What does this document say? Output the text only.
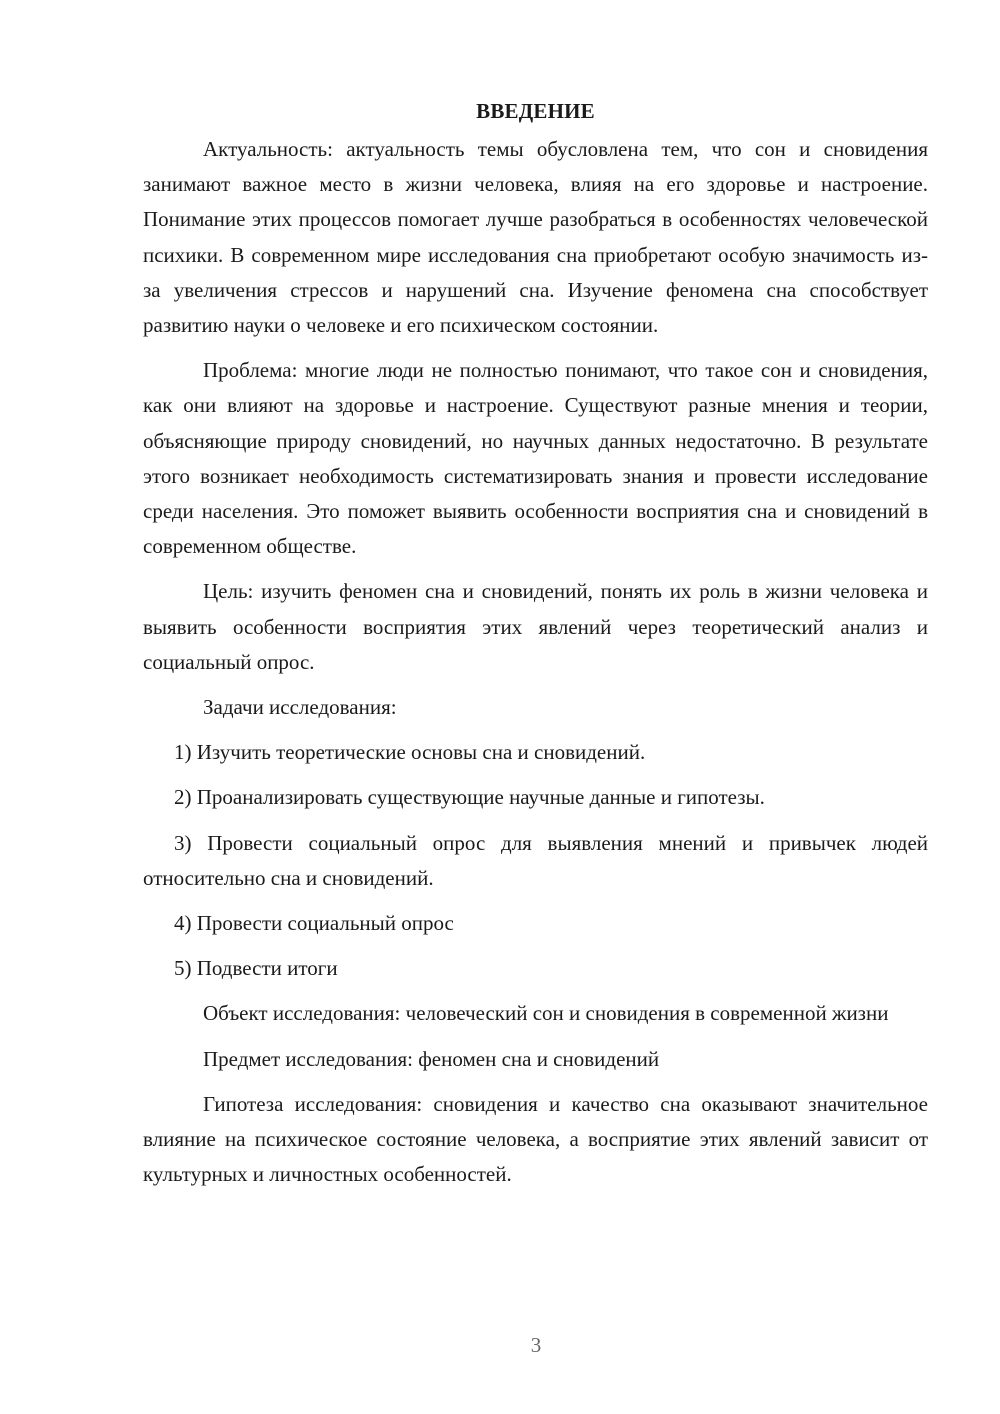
ВВЕДЕНИЕ

Актуальность: актуальность темы обусловлена тем, что сон и сновидения занимают важное место в жизни человека, влияя на его здоровье и настроение. Понимание этих процессов помогает лучше разобраться в особенностях человеческой психики. В современном мире исследования сна приобретают особую значимость из-за увеличения стрессов и нарушений сна. Изучение феномена сна способствует развитию науки о человеке и его психическом состоянии.

Проблема: многие люди не полностью понимают, что такое сон и сновидения, как они влияют на здоровье и настроение. Существуют разные мнения и теории, объясняющие природу сновидений, но научных данных недостаточно. В результате этого возникает необходимость систематизировать знания и провести исследование среди населения. Это поможет выявить особенности восприятия сна и сновидений в современном обществе.

Цель: изучить феномен сна и сновидений, понять их роль в жизни человека и выявить особенности восприятия этих явлений через теоретический анализ и социальный опрос.

Задачи исследования:

1) Изучить теоретические основы сна и сновидений.

2) Проанализировать существующие научные данные и гипотезы.

3) Провести социальный опрос для выявления мнений и привычек людей относительно сна и сновидений.

4) Провести социальный опрос

5) Подвести итоги

Объект исследования: человеческий сон и сновидения в современной жизни

Предмет исследования: феномен сна и сновидений

Гипотеза исследования: сновидения и качество сна оказывают значительное влияние на психическое состояние человека, а восприятие этих явлений зависит от культурных и личностных особенностей.

3
